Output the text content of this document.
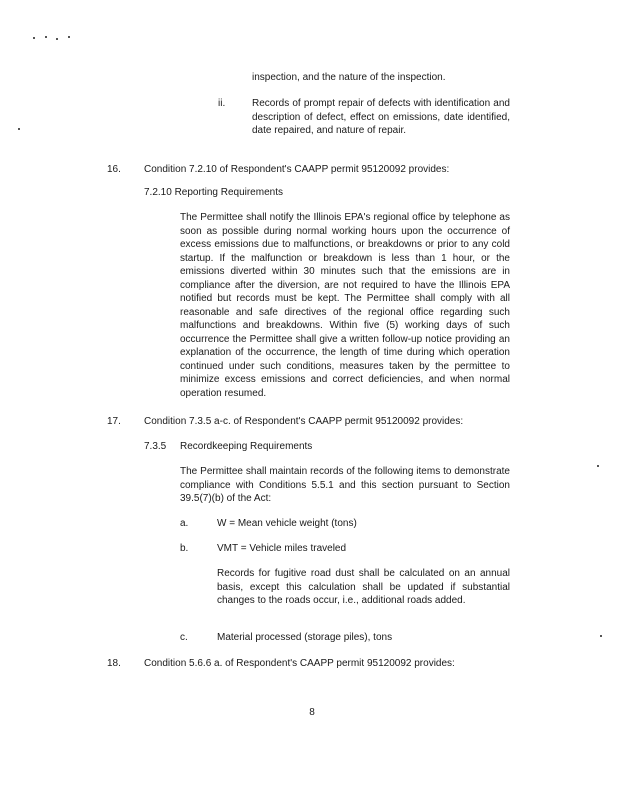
inspection, and the nature of the inspection.

ii.	Records of prompt repair of defects with identification and description of defect, effect on emissions, date identified, date repaired, and nature of repair.

16. Condition 7.2.10 of Respondent's CAAPP permit 95120092 provides:

7.2.10 Reporting Requirements

The Permittee shall notify the Illinois EPA's regional office by telephone as soon as possible during normal working hours upon the occurrence of excess emissions due to malfunctions, or breakdowns or prior to any cold startup. If the malfunction or breakdown is less than 1 hour, or the emissions diverted within 30 minutes such that the emissions are in compliance after the diversion, are not required to have the Illinois EPA notified but records must be kept. The Permittee shall comply with all reasonable and safe directives of the regional office regarding such malfunctions and breakdowns. Within five (5) working days of such occurrence the Permittee shall give a written follow-up notice providing an explanation of the occurrence, the length of time during which operation continued under such conditions, measures taken by the permittee to minimize excess emissions and correct deficiencies, and when normal operation resumed.

17. Condition 7.3.5 a-c. of Respondent's CAAPP permit 95120092 provides:

7.3.5 Recordkeeping Requirements

The Permittee shall maintain records of the following items to demonstrate compliance with Conditions 5.5.1 and this section pursuant to Section 39.5(7)(b) of the Act:

a.	W = Mean vehicle weight (tons)

b.	VMT = Vehicle miles traveled

Records for fugitive road dust shall be calculated on an annual basis, except this calculation shall be updated if substantial changes to the roads occur, i.e., additional roads added.

c.	Material processed (storage piles), tons

18. Condition 5.6.6 a. of Respondent's CAAPP permit 95120092 provides:

8
